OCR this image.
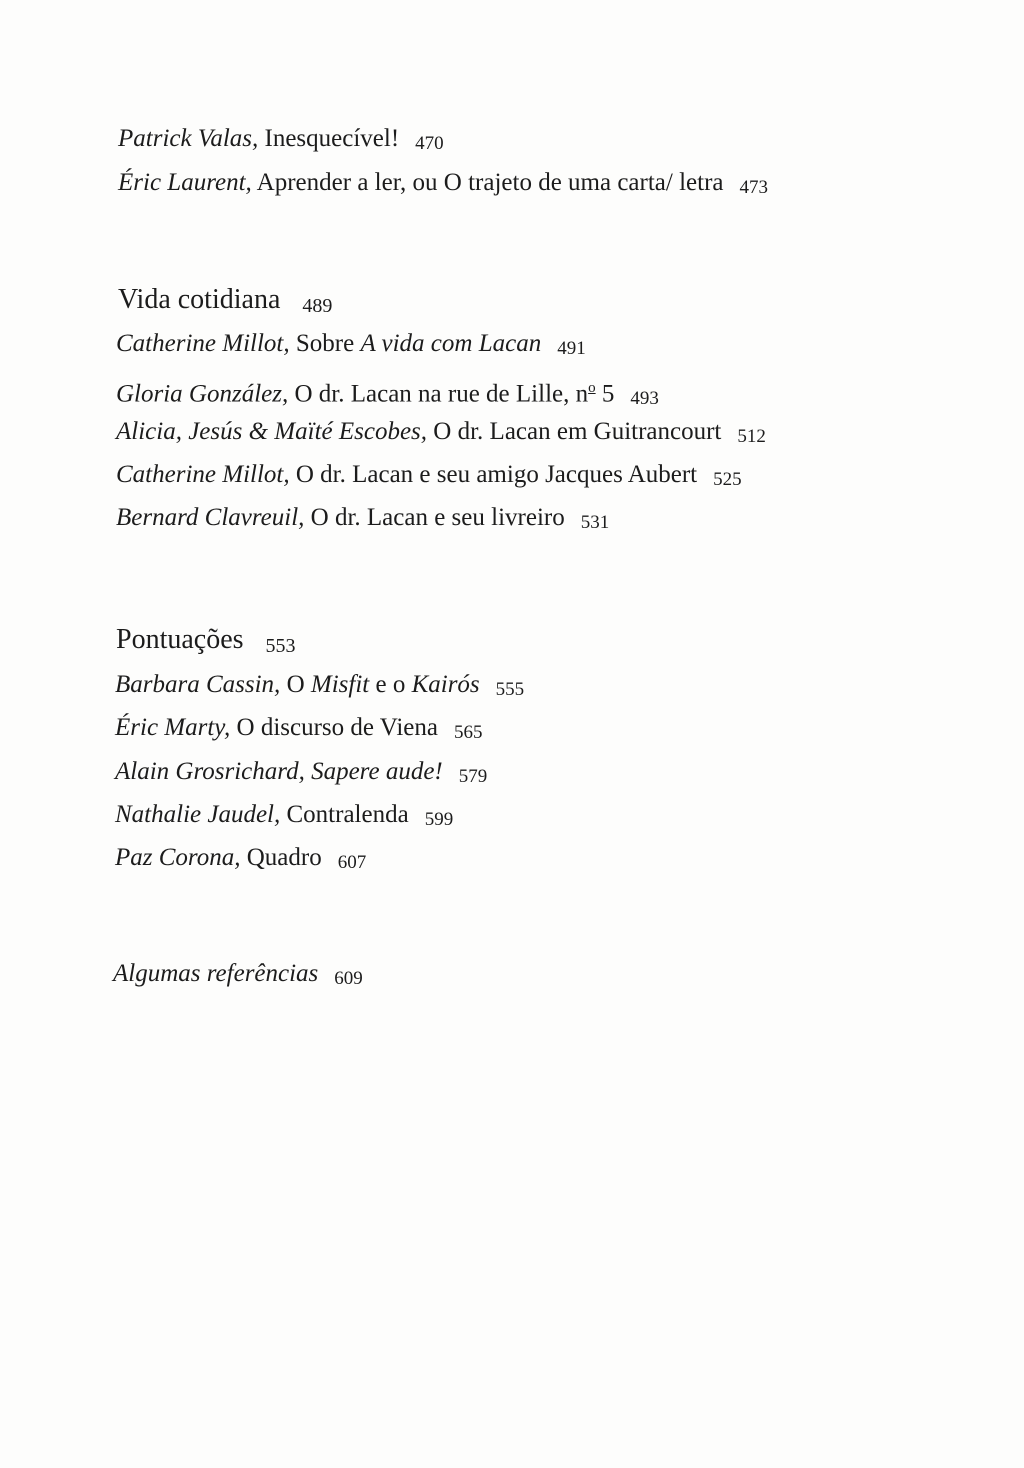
Patrick Valas, Inesquecível! 470
Éric Laurent, Aprender a ler, ou O trajeto de uma carta/ letra 473
Vida cotidiana 489
Catherine Millot, Sobre A vida com Lacan 491
Gloria González, O dr. Lacan na rue de Lille, $n^o$ 5 493
Alicia, Jesús & Maïté Escobes, O dr. Lacan em Guitrancourt 512
Catherine Millot, O dr. Lacan e seu amigo Jacques Aubert 525
Bernard Clavreuil, O dr. Lacan e seu livreiro 531
Pontuações 553
Barbara Cassin, O Misfit e o Kairós 555
Éric Marty, O discurso de Viena 565
Alain Grosrichard, Sapere aude! 579
Nathalie Jaudel, Contralenda 599
Paz Corona, Quadro 607
Algumas referências 609
